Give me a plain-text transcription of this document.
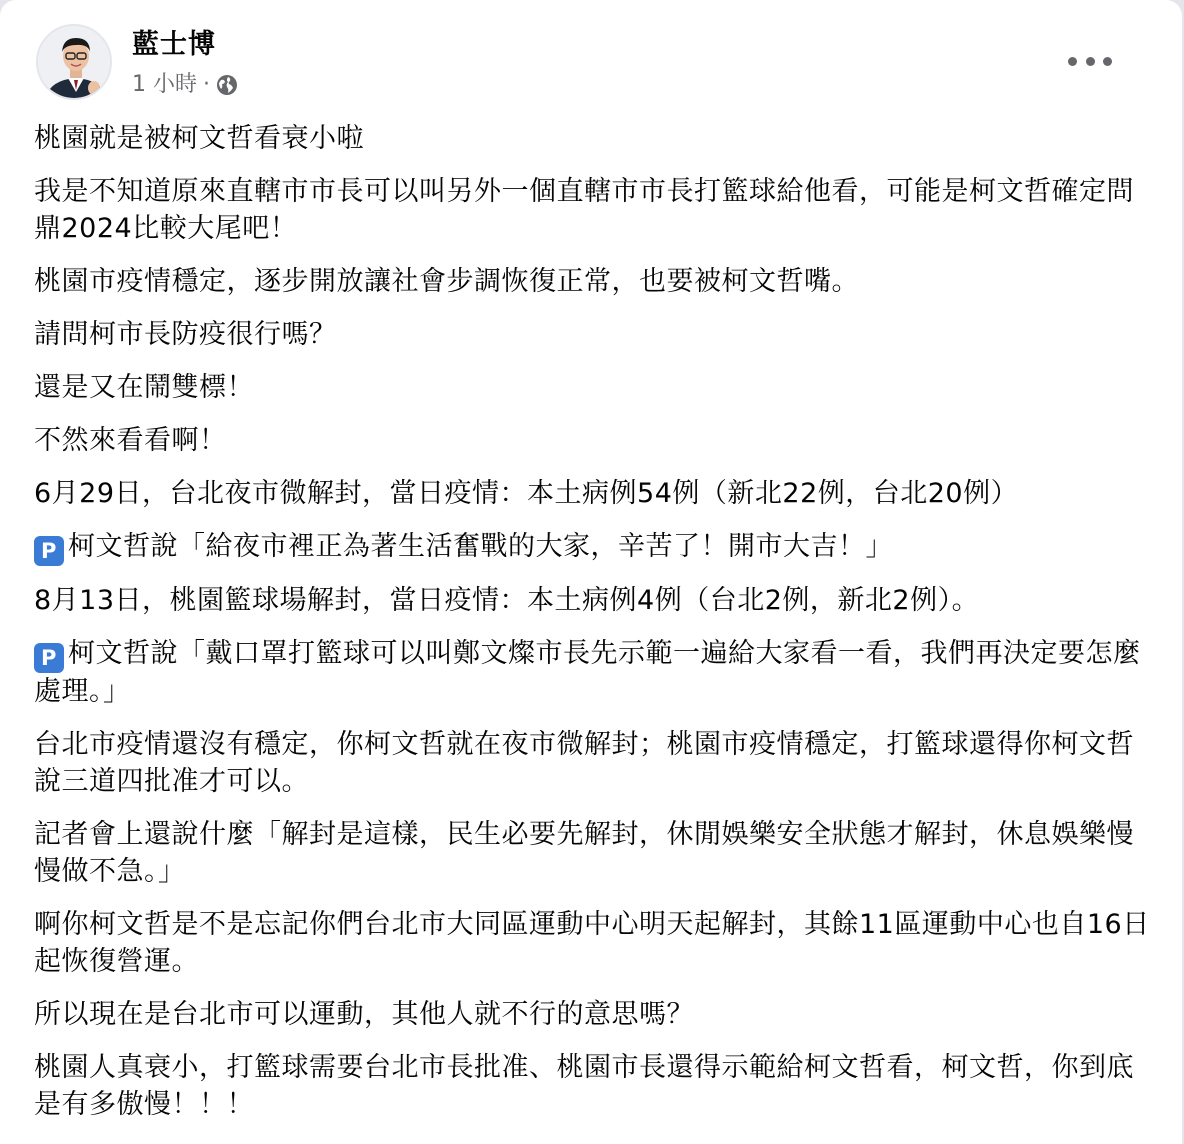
藍士博
1 小時 ·

桃園就是被柯文哲看衰小啦

我是不知道原來直轄市市長可以叫另外一個直轄市市長打籃球給他看，可能是柯文哲確定問鼎2024比較大尾吧！

桃園市疫情穩定，逐步開放讓社會步調恢復正常，也要被柯文哲嘴。

請問柯市長防疫很行嗎？

還是又在鬧雙標！

不然來看看啊！

6月29日，台北夜市微解封，當日疫情：本土病例54例（新北22例，台北20例）

P 柯文哲說「給夜市裡正為著生活奮戰的大家，辛苦了！開市大吉！」

8月13日，桃園籃球場解封，當日疫情：本土病例4例（台北2例，新北2例）。

P 柯文哲說「戴口罩打籃球可以叫鄭文燦市長先示範一遍給大家看一看，我們再決定要怎麼處理。」

台北市疫情還沒有穩定，你柯文哲就在夜市微解封；桃園市疫情穩定，打籃球還得你柯文哲說三道四批准才可以。

記者會上還說什麼「解封是這樣，民生必要先解封，休閒娛樂安全狀態才解封，休息娛樂慢慢做不急。」

啊你柯文哲是不是忘記你們台北市大同區運動中心明天起解封，其餘11區運動中心也自16日起恢復營運。

所以現在是台北市可以運動，其他人就不行的意思嗎？

桃園人真衰小，打籃球需要台北市長批准、桃園市長還得示範給柯文哲看，柯文哲，你到底是有多傲慢！！！
